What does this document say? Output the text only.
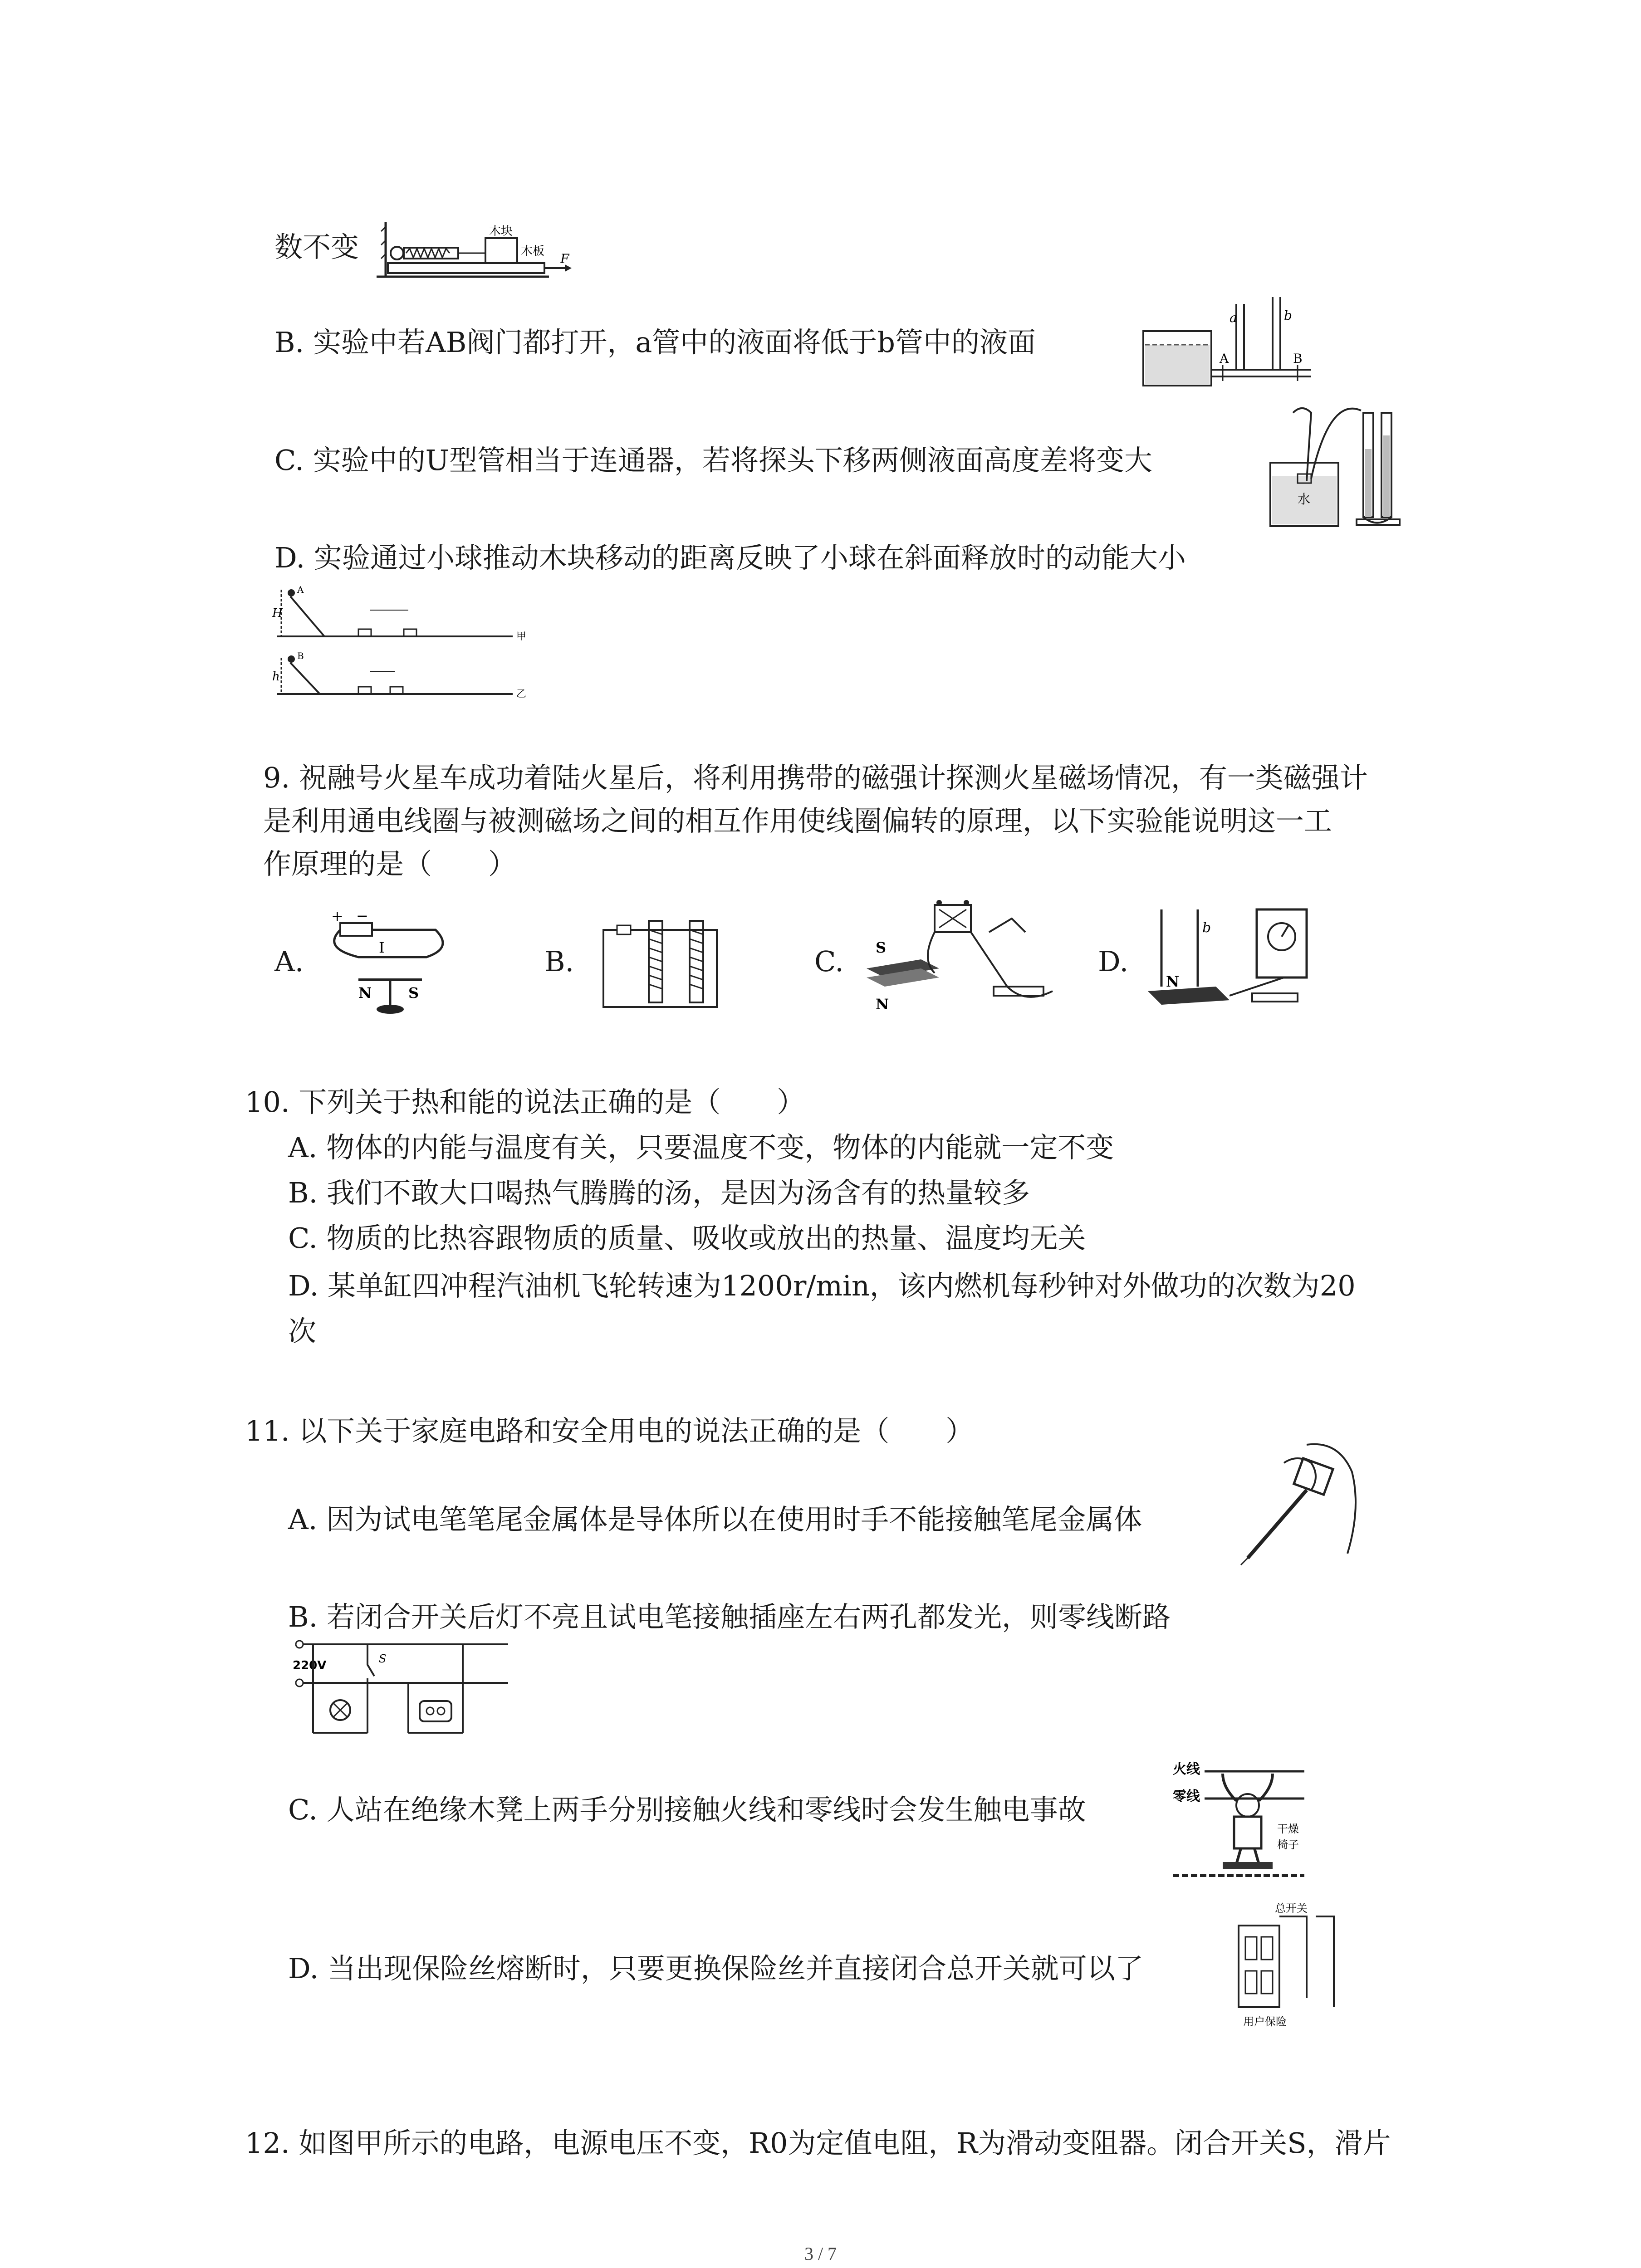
数不变	木块
木板 F
B. 实验中若AB阀门都打开，a管中的液面将低于b管中的液面
a	b
A	B
C. 实验中的U型管相当于连通器，若将探头下移两侧液面高度差将变大
水
D. 实验通过小球推动木块移动的距离反映了小球在斜面释放时的动能大小
H
A
甲
h
B
乙
9. 祝融号火星车成功着陆火星后，将利用携带的磁强计探测火星磁场情况，有一类磁强计
是利用通电线圈与被测磁场之间的相互作用使线圈偏转的原理，以下实验能说明这一工
作原理的是（　　）
A.
+ −
I
N	S
B.	C. S
N
D.
b
N
10. 下列关于热和能的说法正确的是（　　）
A. 物体的内能与温度有关，只要温度不变，物体的内能就一定不变
B. 我们不敢大口喝热气腾腾的汤，是因为汤含有的热量较多
C. 物质的比热容跟物质的质量、吸收或放出的热量、温度均无关
D. 某单缸四冲程汽油机飞轮转速为1200r/min，该内燃机每秒钟对外做功的次数为20
次
11. 以下关于家庭电路和安全用电的说法正确的是（　　）
A. 因为试电笔笔尾金属体是导体所以在使用时手不能接触笔尾金属体
B. 若闭合开关后灯不亮且试电笔接触插座左右两孔都发光，则零线断路
220V	S
C. 人站在绝缘木凳上两手分别接触火线和零线时会发生触电事故
火线
零线
干燥
椅子
D. 当出现保险丝熔断时，只要更换保险丝并直接闭合总开关就可以了
总开关
用户保险
12. 如图甲所示的电路，电源电压不变，R0为定值电阻，R为滑动变阻器。闭合开关S，滑片
3 / 7
